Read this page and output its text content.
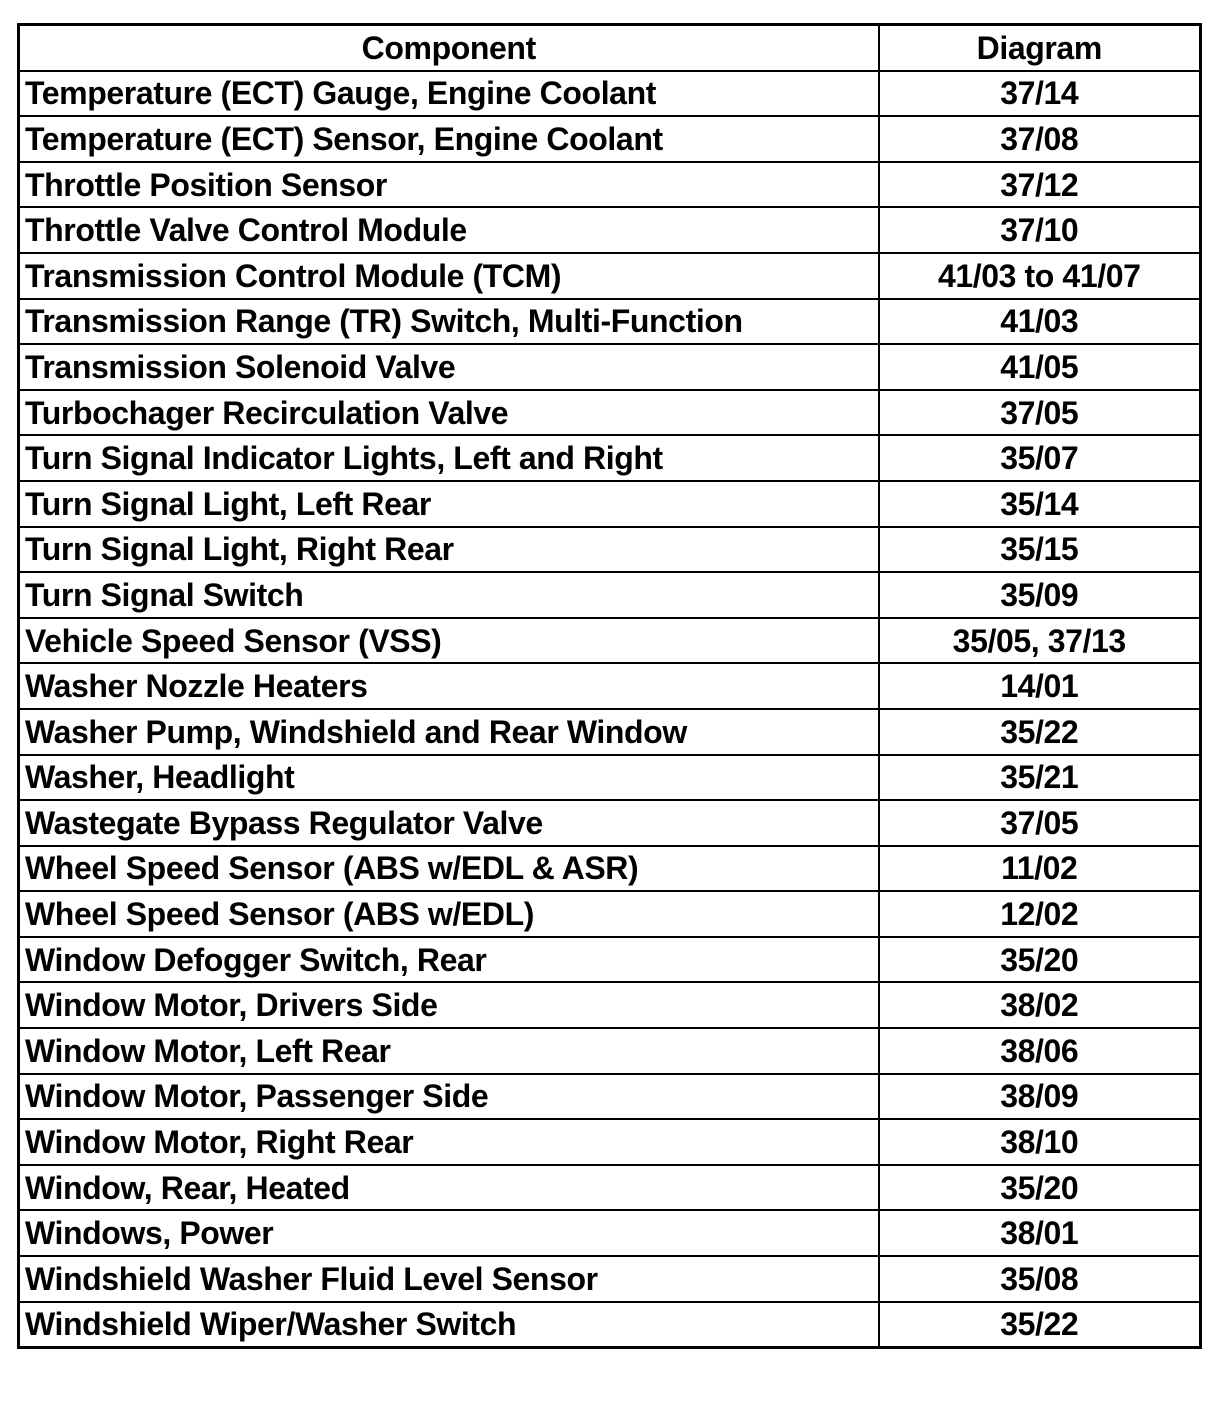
Component	Diagram
Temperature (ECT) Gauge, Engine Coolant	37/14
Temperature (ECT) Sensor, Engine Coolant	37/08
Throttle Position Sensor	37/12
Throttle Valve Control Module	37/10
Transmission Control Module (TCM)	41/03 to 41/07
Transmission Range (TR) Switch, Multi-Function	41/03
Transmission Solenoid Valve	41/05
Turbochager Recirculation Valve	37/05
Turn Signal Indicator Lights, Left and Right	35/07
Turn Signal Light, Left Rear	35/14
Turn Signal Light, Right Rear	35/15
Turn Signal Switch	35/09
Vehicle Speed Sensor (VSS)	35/05, 37/13
Washer Nozzle Heaters	14/01
Washer Pump, Windshield and Rear Window	35/22
Washer, Headlight	35/21
Wastegate Bypass Regulator Valve	37/05
Wheel Speed Sensor (ABS w/EDL & ASR)	11/02
Wheel Speed Sensor (ABS w/EDL)	12/02
Window Defogger Switch, Rear	35/20
Window Motor, Drivers Side	38/02
Window Motor, Left Rear	38/06
Window Motor, Passenger Side	38/09
Window Motor, Right Rear	38/10
Window, Rear, Heated	35/20
Windows, Power	38/01
Windshield Washer Fluid Level Sensor	35/08
Windshield Wiper/Washer Switch	35/22
